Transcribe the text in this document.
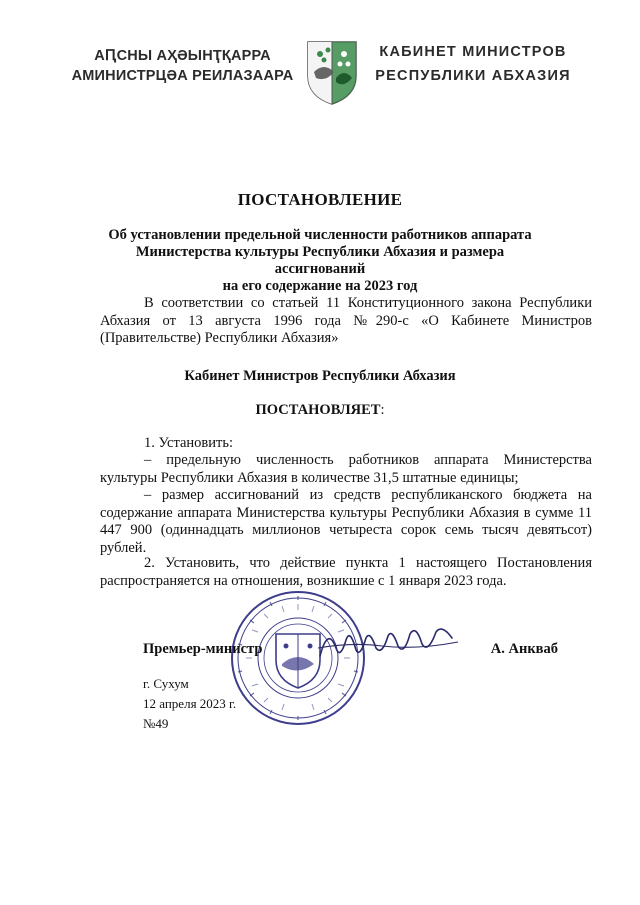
АԤСНЫ АҲӘЫНҬҚАРРА
АМИНИСТРЦӘА РЕИЛАЗААРА
КАБИНЕТ МИНИСТРОВ
РЕСПУБЛИКИ АБХАЗИЯ
ПОСТАНОВЛЕНИЕ
Об установлении предельной численности работников аппарата
Министерства культуры Республики Абхазия и размера ассигнований
на его содержание на 2023 год
В соответствии со статьей 11 Конституционного закона Республики Абхазия от 13 августа 1996 года №290-с «О Кабинете Министров (Правительстве) Республики Абхазия»
Кабинет Министров Республики Абхазия
ПОСТАНОВЛЯЕТ:
1. Установить:
– предельную численность работников аппарата Министерства культуры Республики Абхазия в количестве 31,5 штатные единицы;
– размер ассигнований из средств республиканского бюджета на содержание аппарата Министерства культуры Республики Абхазия в сумме 11 447 900 (одиннадцать миллионов четыреста сорок семь тысяч девятьсот) рублей.
2. Установить, что действие пункта 1 настоящего Постановления распространяется на отношения, возникшие с 1 января 2023 года.
Премьер-министр	А. Анкваб
г. Сухум
12 апреля 2023 г.
№49
